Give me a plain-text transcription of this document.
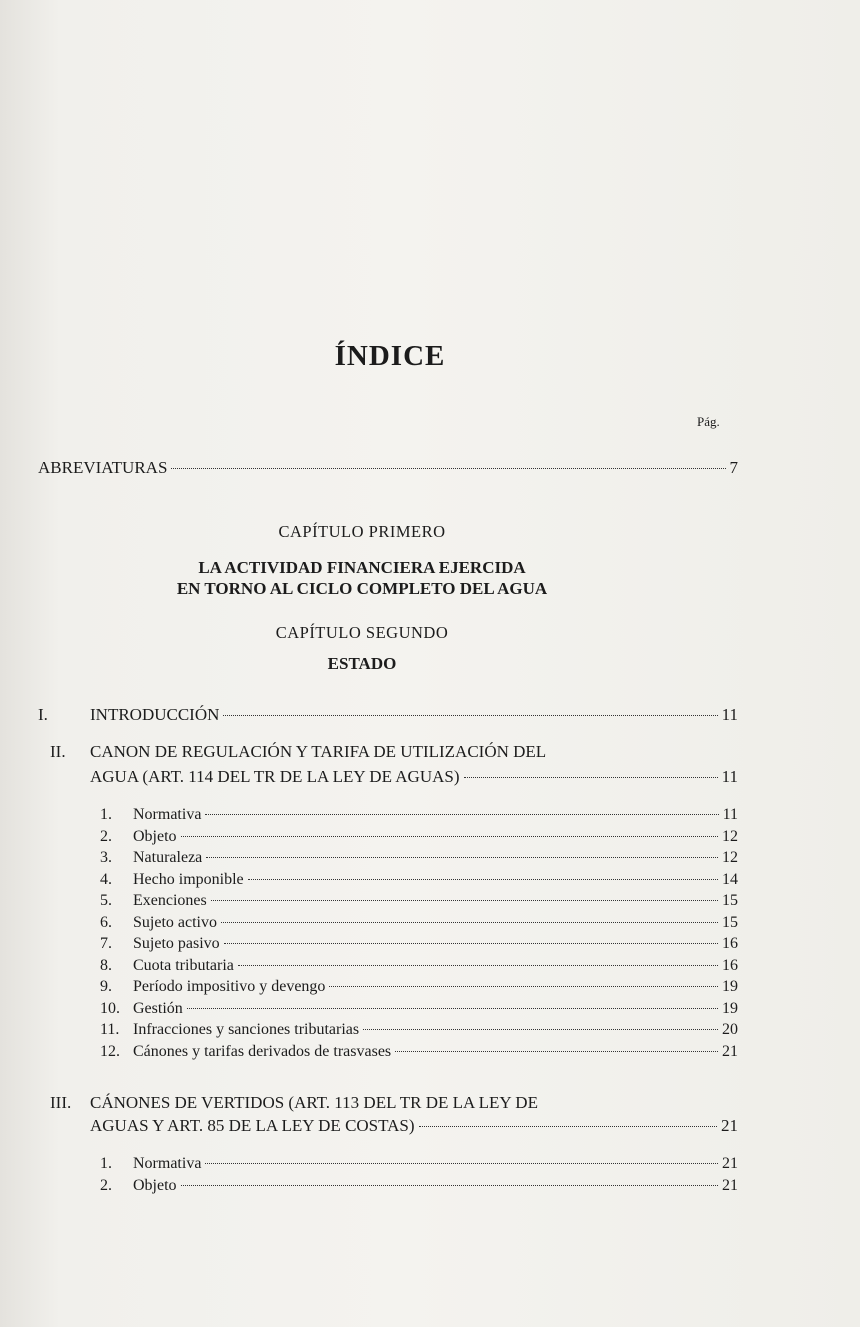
ÍNDICE
Pág.
ABREVIATURAS	7
CAPÍTULO PRIMERO
LA ACTIVIDAD FINANCIERA EJERCIDA
EN TORNO AL CICLO COMPLETO DEL AGUA
CAPÍTULO SEGUNDO
ESTADO
I.	INTRODUCCIÓN	11
II. CANON DE REGULACIÓN Y TARIFA DE UTILIZACIÓN DEL
AGUA (ART. 114 DEL TR DE LA LEY DE AGUAS)	11
1.	Normativa	11
2.	Objeto	12
3.	Naturaleza	12
4.	Hecho imponible	14
5.	Exenciones	15
6.	Sujeto activo	15
7.	Sujeto pasivo	16
8.	Cuota tributaria	16
9.	Período impositivo y devengo	19
10. Gestión	19
11. Infracciones y sanciones tributarias	20
12. Cánones y tarifas derivados de trasvases	21
III. CÁNONES DE VERTIDOS (ART. 113 DEL TR DE LA LEY DE
AGUAS Y ART. 85 DE LA LEY DE COSTAS)	21
1.	Normativa	21
2.	Objeto	21
